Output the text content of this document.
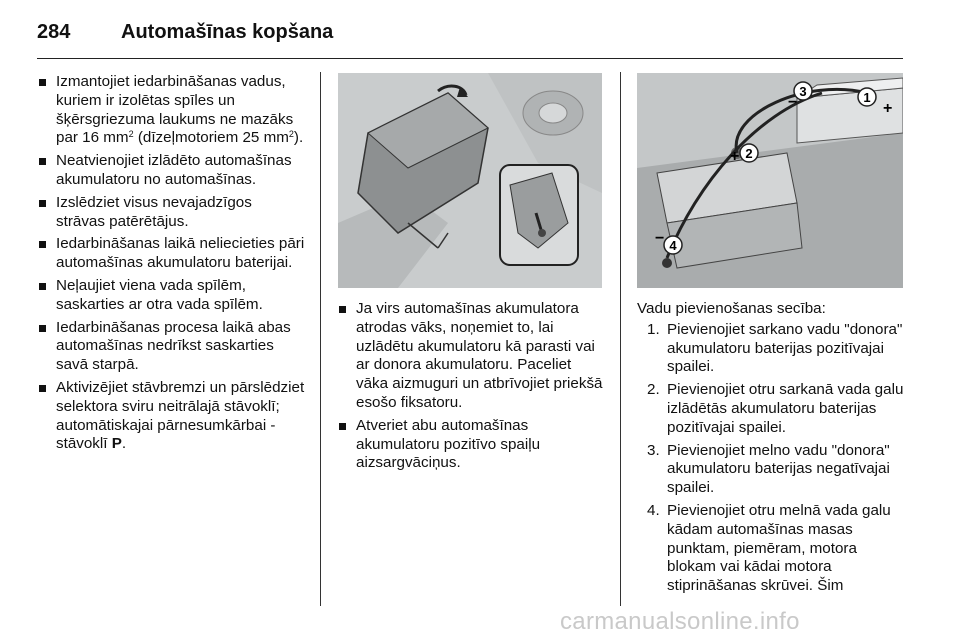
284	Automašīnas kopšana
Izmantojiet iedarbināšanas vadus, kuriem ir izolētas spīles un šķērsgriezuma laukums ne mazāks par 16 $mm^2$ (dīzeļmotoriem 25 $mm^2$).
Neatvienojiet izlādēto automašīnas akumulatoru no automašīnas.
Izslēdziet visus nevajadzīgos strāvas patērētājus.
Iedarbināšanas laikā neliecieties pāri automašīnas akumulatoru baterijai.
Neļaujiet viena vada spīlēm, saskarties ar otra vada spīlēm.
Iedarbināšanas procesa laikā abas automašīnas nedrīkst saskarties savā starpā.
Aktivizējiet stāvbremzi un pārslēdziet selektora sviru neitrālajā stāvoklī; automātiskajai pārnesumkārbai - stāvoklī P.
1
+
2
+
3
−
4
−
Ja virs automašīnas akumulatora atrodas vāks, noņemiet to, lai uzlādētu akumulatoru kā parasti vai ar donora akumulatoru. Paceliet vāka aizmuguri un atbrīvojiet priekšā esošo fiksatoru.
Atveriet abu automašīnas akumulatoru pozitīvo spaiļu aizsargvāciņus.
Vadu pievienošanas secība:
1. Pievienojiet sarkano vadu "donora" akumulatoru baterijas pozitīvajai spailei.
2. Pievienojiet otru sarkanā vada galu izlādētās akumulatoru baterijas pozitīvajai spailei.
3. Pievienojiet melno vadu "donora" akumulatoru baterijas negatīvajai spailei.
4. Pievienojiet otru melnā vada galu kādam automašīnas masas punktam, piemēram, motora blokam vai kādai motora stiprināšanas skrūvei. Šim
carmanualsonline.info
